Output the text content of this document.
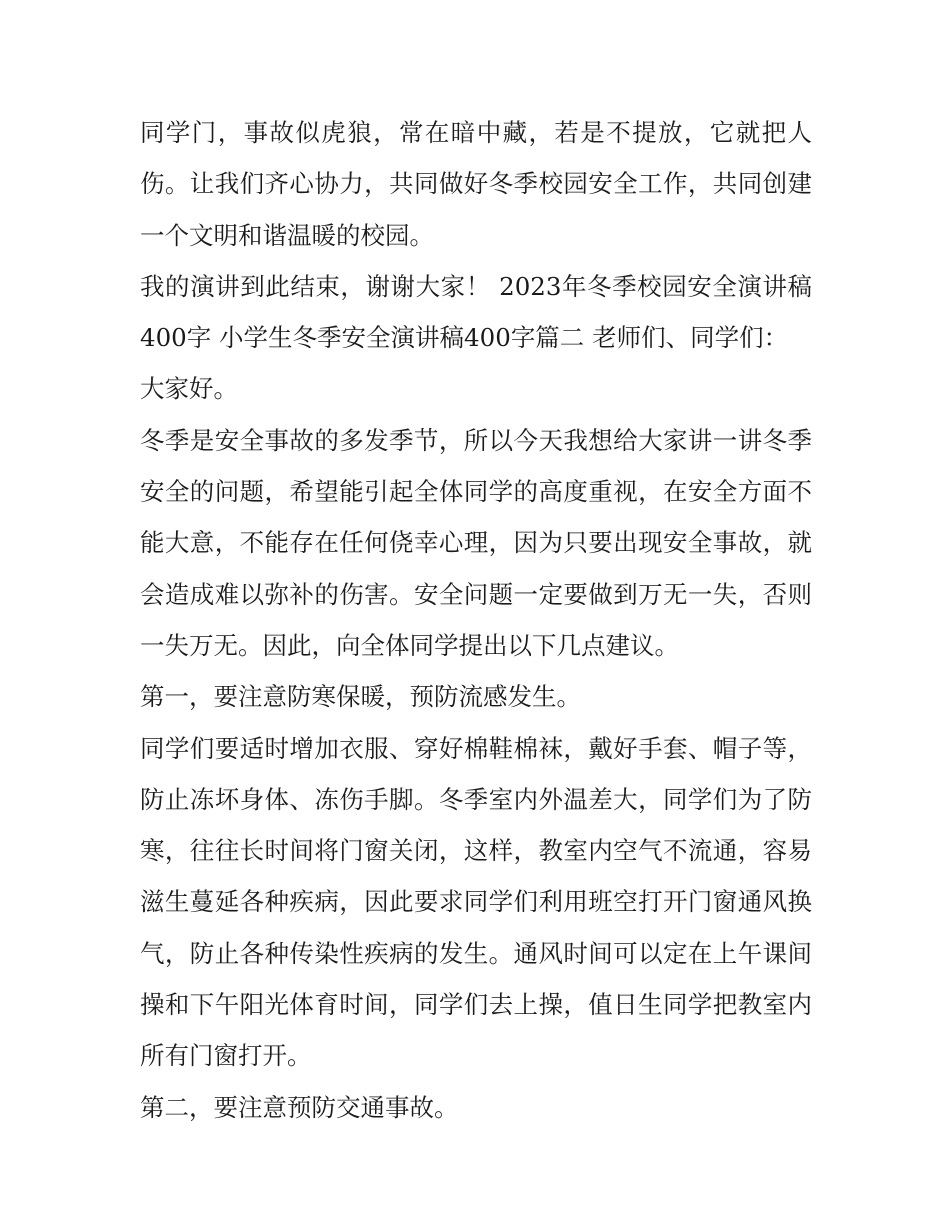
同学门，事故似虎狼，常在暗中藏，若是不提放，它就把人伤。让我们齐心协力，共同做好冬季校园安全工作，共同创建一个文明和谐温暖的校园。

我的演讲到此结束，谢谢大家！ 2023年冬季校园安全演讲稿400字 小学生冬季安全演讲稿400字篇二 老师们、同学们：

大家好。

冬季是安全事故的多发季节，所以今天我想给大家讲一讲冬季安全的问题，希望能引起全体同学的高度重视，在安全方面不能大意，不能存在任何侥幸心理，因为只要出现安全事故，就会造成难以弥补的伤害。安全问题一定要做到万无一失，否则一失万无。因此，向全体同学提出以下几点建议。

第一，要注意防寒保暖，预防流感发生。

同学们要适时增加衣服、穿好棉鞋棉袜，戴好手套、帽子等，防止冻坏身体、冻伤手脚。冬季室内外温差大，同学们为了防寒，往往长时间将门窗关闭，这样，教室内空气不流通，容易滋生蔓延各种疾病，因此要求同学们利用班空打开门窗通风换气，防止各种传染性疾病的发生。通风时间可以定在上午课间操和下午阳光体育时间，同学们去上操，值日生同学把教室内所有门窗打开。

第二，要注意预防交通事故。
